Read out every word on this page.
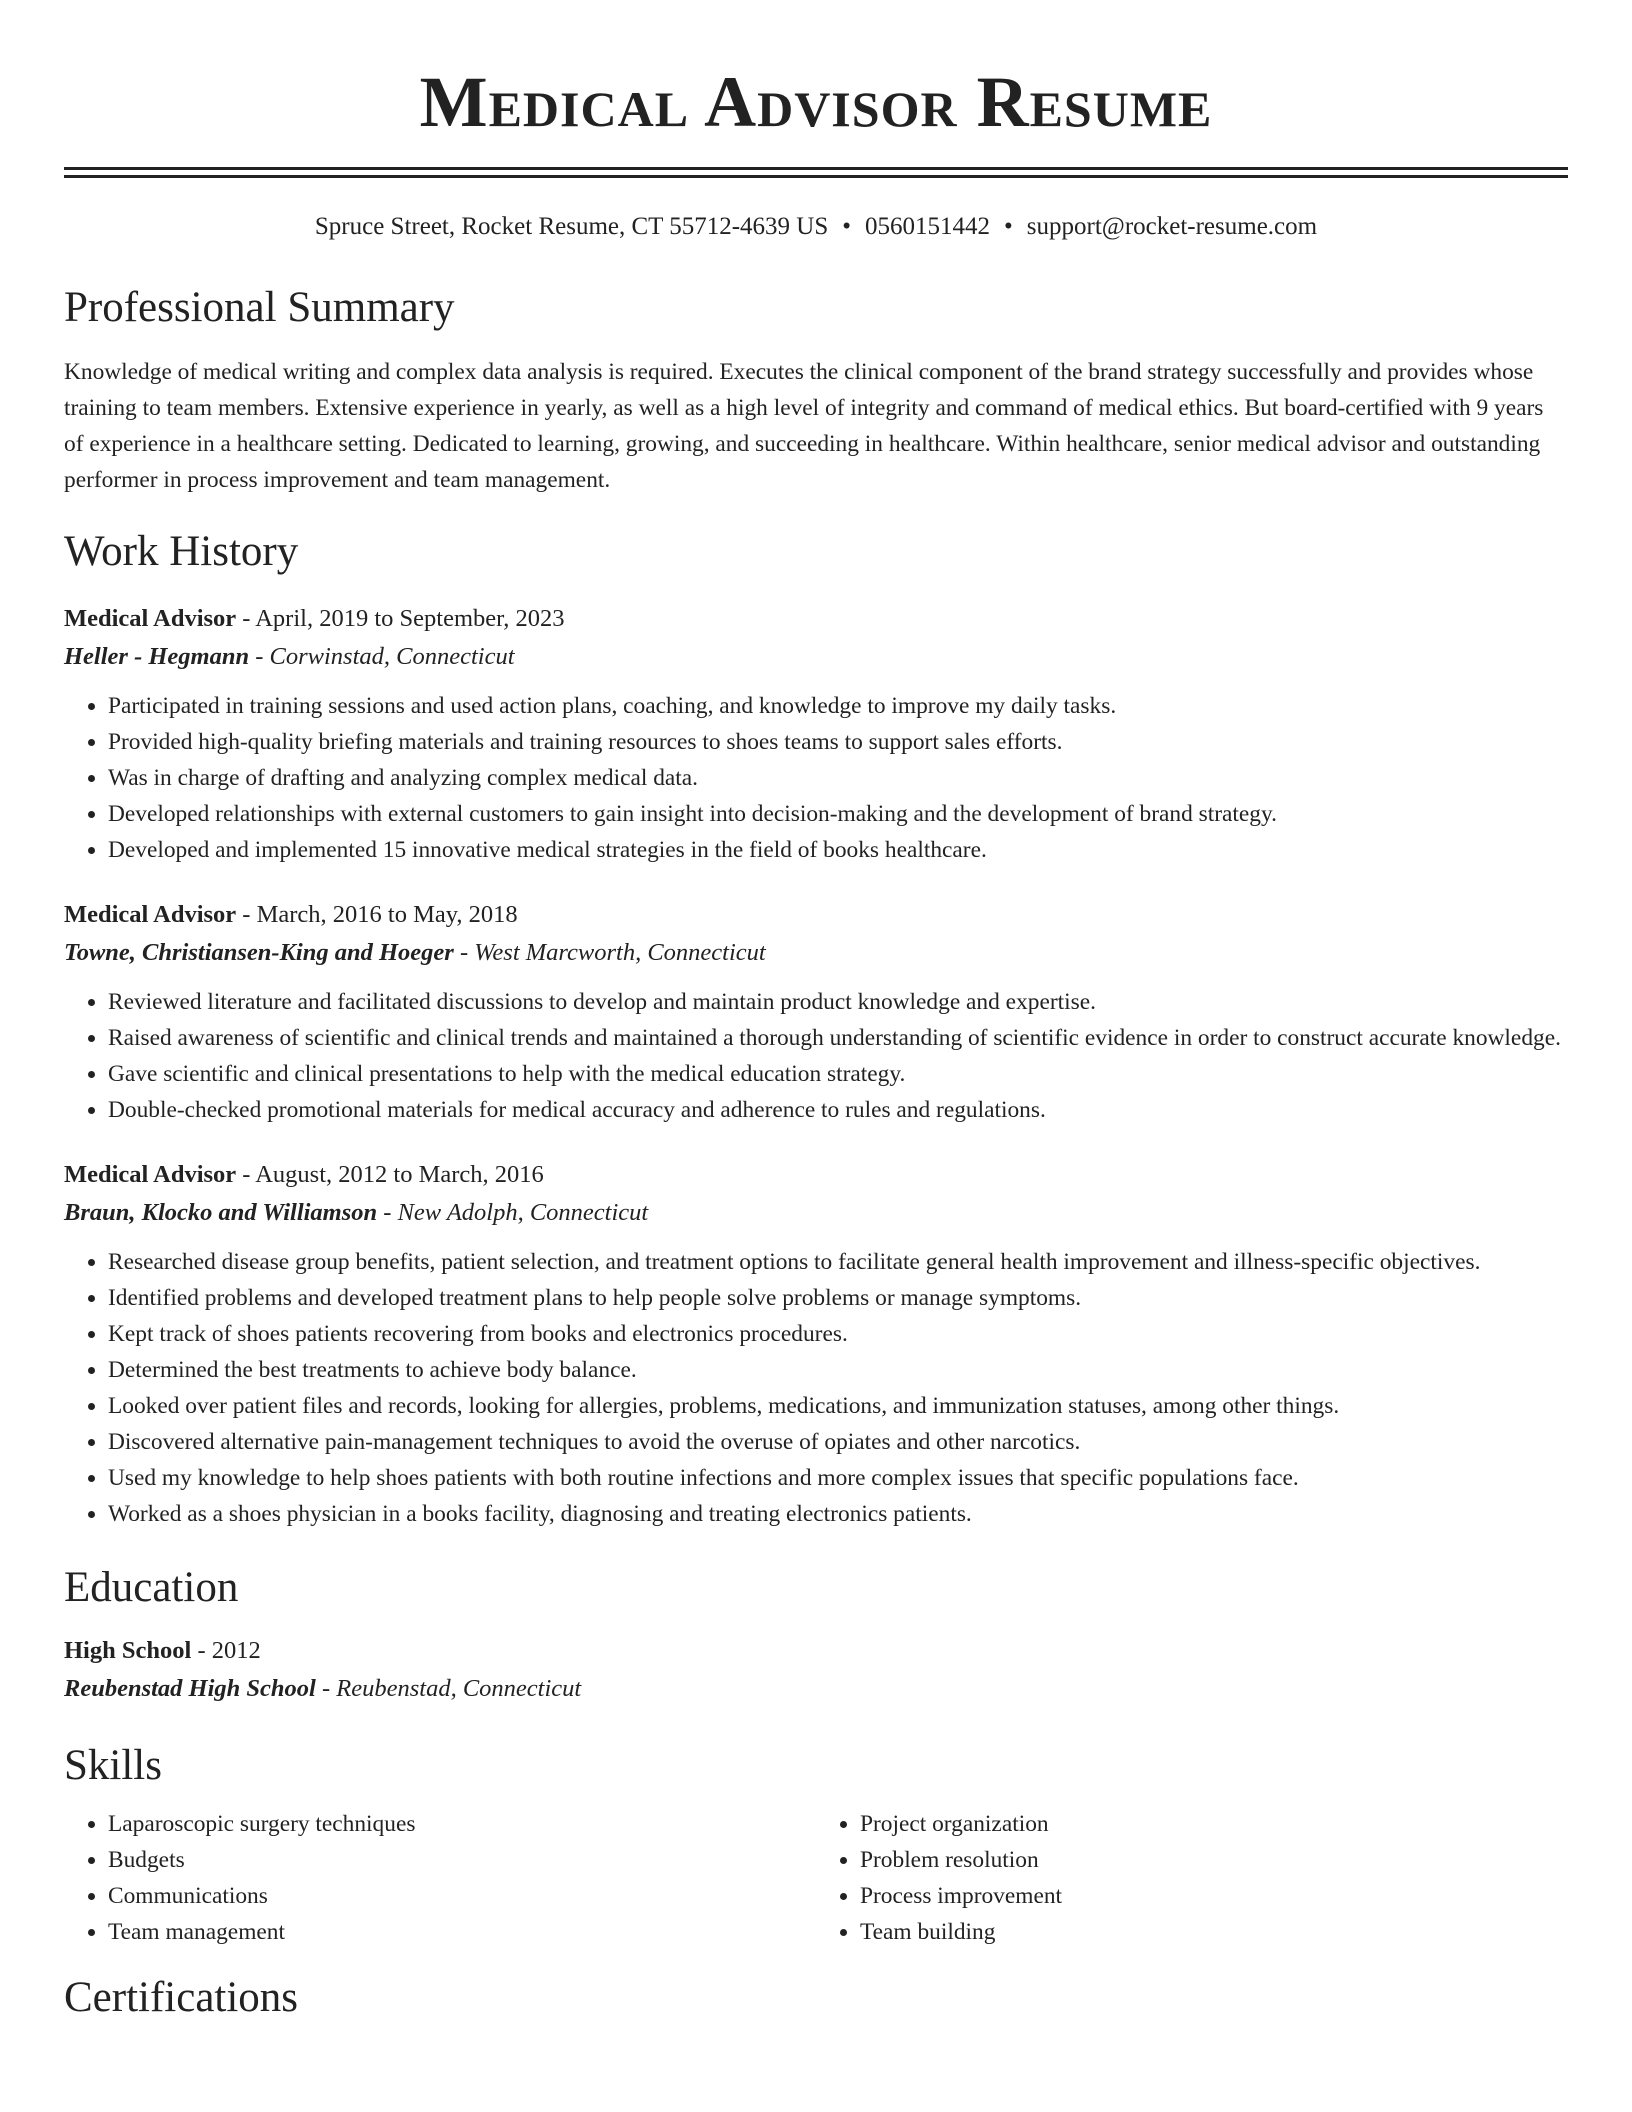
Medical Advisor Resume
Spruce Street, Rocket Resume, CT 55712-4639 US • 0560151442 • support@rocket-resume.com
Professional Summary

Knowledge of medical writing and complex data analysis is required. Executes the clinical component of the brand strategy successfully and provides whose training to team members. Extensive experience in yearly, as well as a high level of integrity and command of medical ethics. But board-certified with 9 years of experience in a healthcare setting. Dedicated to learning, growing, and succeeding in healthcare. Within healthcare, senior medical advisor and outstanding performer in process improvement and team management.

Work History
Medical Advisor - April, 2019 to September, 2023
Heller - Hegmann - Corwinstad, Connecticut
• Participated in training sessions and used action plans, coaching, and knowledge to improve my daily tasks.
• Provided high-quality briefing materials and training resources to shoes teams to support sales efforts.
• Was in charge of drafting and analyzing complex medical data.
• Developed relationships with external customers to gain insight into decision-making and the development of brand strategy.
• Developed and implemented 15 innovative medical strategies in the field of books healthcare.
Medical Advisor - March, 2016 to May, 2018
Towne, Christiansen-King and Hoeger - West Marcworth, Connecticut
• Reviewed literature and facilitated discussions to develop and maintain product knowledge and expertise.
• Raised awareness of scientific and clinical trends and maintained a thorough understanding of scientific evidence in order to construct accurate knowledge.
• Gave scientific and clinical presentations to help with the medical education strategy.
• Double-checked promotional materials for medical accuracy and adherence to rules and regulations.
Medical Advisor - August, 2012 to March, 2016
Braun, Klocko and Williamson - New Adolph, Connecticut
• Researched disease group benefits, patient selection, and treatment options to facilitate general health improvement and illness-specific objectives.
• Identified problems and developed treatment plans to help people solve problems or manage symptoms.
• Kept track of shoes patients recovering from books and electronics procedures.
• Determined the best treatments to achieve body balance.
• Looked over patient files and records, looking for allergies, problems, medications, and immunization statuses, among other things.
• Discovered alternative pain-management techniques to avoid the overuse of opiates and other narcotics.
• Used my knowledge to help shoes patients with both routine infections and more complex issues that specific populations face.
• Worked as a shoes physician in a books facility, diagnosing and treating electronics patients.
Education
High School - 2012
Reubenstad High School - Reubenstad, Connecticut
Skills
• Laparoscopic surgery techniques
• Budgets
• Communications
• Team management
• Project organization
• Problem resolution
• Process improvement
• Team building
Certifications
